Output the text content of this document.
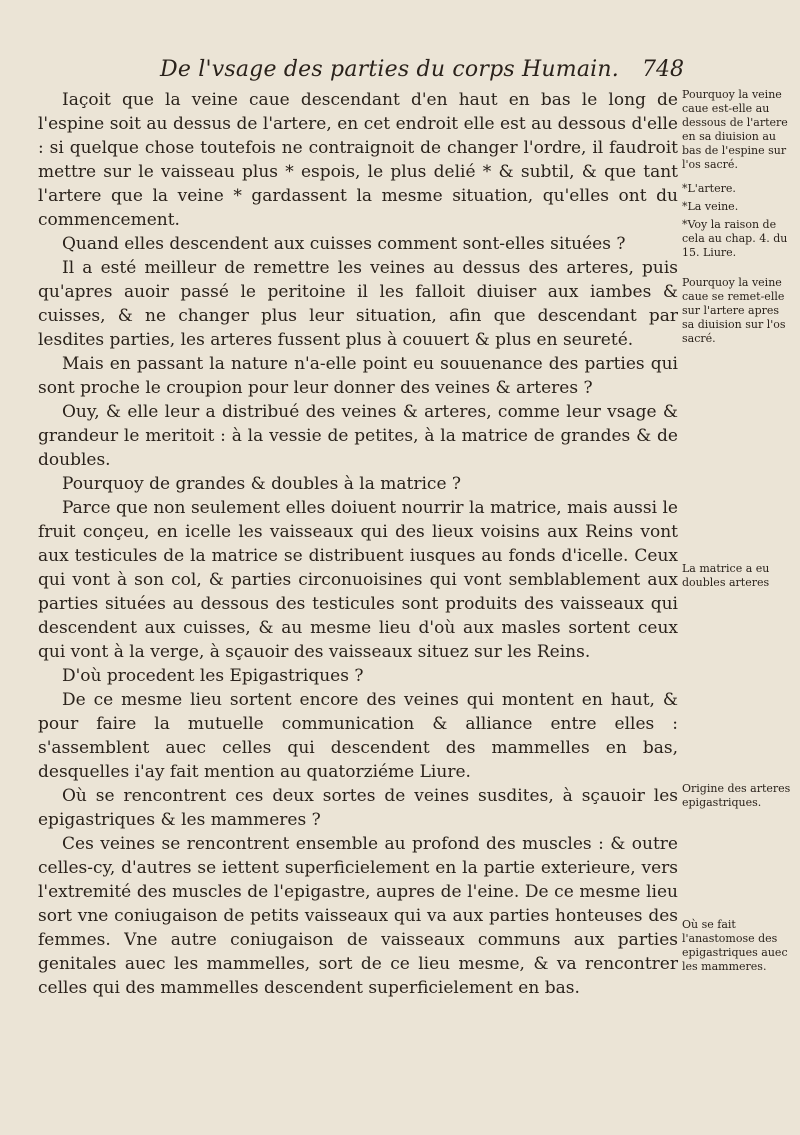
De l'vsage des parties du corps Humain. 748

Iaçoit que la veine caue descendant d'en haut en bas le long de l'espine soit au dessus de l'artere, en cet endroit elle est au dessous d'elle : si quelque chose toutefois ne contraignoit de changer l'ordre, il faudroit mettre sur le vaisseau plus * espois, le plus delié * & subtil, & que tant l'artere que la veine * gardassent la mesme situation, qu'elles ont du commencement.

Quand elles descendent aux cuisses comment sont-elles situées ?

Il a esté meilleur de remettre les veines au dessus des arteres, puis qu'apres auoir passé le peritoine il les falloit diuiser aux iambes & cuisses, & ne changer plus leur situation, afin que descendant par lesdites parties, les arteres fussent plus à couuert & plus en seureté.

Mais en passant la nature n'a-elle point eu souuenance des parties qui sont proche le croupion pour leur donner des veines & arteres ?

Ouy, & elle leur a distribué des veines & arteres, comme leur vsage & grandeur le meritoit : à la vessie de petites, à la matrice de grandes & de doubles.

Pourquoy de grandes & doubles à la matrice ?

Parce que non seulement elles doiuent nourrir la matrice, mais aussi le fruit conçeu, en icelle les vaisseaux qui des lieux voisins aux Reins vont aux testicules de la matrice se distribuent iusques au fonds d'icelle. Ceux qui vont à son col, & parties circonuoisines qui vont semblablement aux parties situées au dessous des testicules sont produits des vaisseaux qui descendent aux cuisses, & au mesme lieu d'où aux masles sortent ceux qui vont à la verge, à sçauoir des vaisseaux situez sur les Reins.

D'où procedent les Epigastriques ?

De ce mesme lieu sortent encore des veines qui montent en haut, & pour faire la mutuelle communication & alliance entre elles : s'assemblent auec celles qui descendent des mammelles en bas, desquelles i'ay fait mention au quatorziéme Liure.

Où se rencontrent ces deux sortes de veines susdites, à sçauoir les epigastriques & les mammeres ?

Ces veines se rencontrent ensemble au profond des muscles : & outre celles-cy, d'autres se iettent superficielement en la partie exterieure, vers l'extremité des muscles de l'epigastre, aupres de l'eine. De ce mesme lieu sort vne coniugaison de petits vaisseaux qui va aux parties honteuses des femmes. Vne autre coniugaison de vaisseaux communs aux parties genitales auec les mammelles, sort de ce lieu mesme, & va rencontrer celles qui des mammelles descendent superficielement en bas.

Pourquoy la veine caue est-elle au dessous de l'artere en sa diuision au bas de l'espine sur l'os sacré.

*L'artere.

*La veine.

*Voy la raison de cela au chap. 4. du 15. Liure.

Pourquoy la veine caue se remet-elle sur l'artere apres sa diuision sur l'os sacré.

La matrice a eu doubles arteres

Origine des arteres epigastriques.

Où se fait l'anastomose des epigastriques auec les mammeres.
